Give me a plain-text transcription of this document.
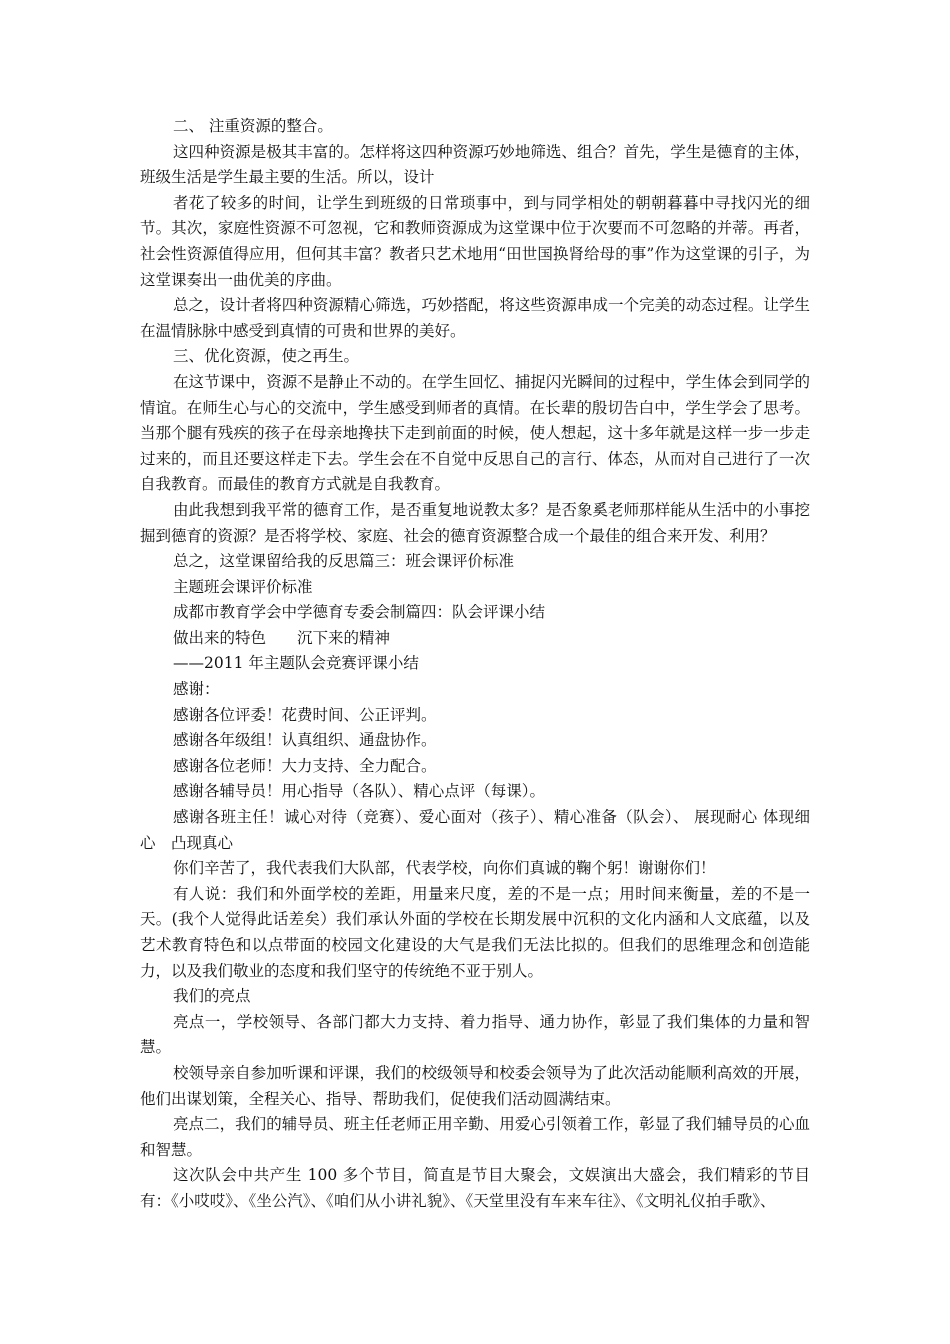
二、 注重资源的整合。

这四种资源是极其丰富的。怎样将这四种资源巧妙地筛选、组合？首先，学生是德育的主体，班级生活是学生最主要的生活。所以，设计

者花了较多的时间，让学生到班级的日常琐事中，到与同学相处的朝朝暮暮中寻找闪光的细节。其次，家庭性资源不可忽视，它和教师资源成为这堂课中位于次要而不可忽略的并蒂。再者，社会性资源值得应用，但何其丰富？教者只艺术地用“田世国换肾给母的事”作为这堂课的引子，为这堂课奏出一曲优美的序曲。

总之，设计者将四种资源精心筛选，巧妙搭配，将这些资源串成一个完美的动态过程。让学生在温情脉脉中感受到真情的可贵和世界的美好。

三、优化资源，使之再生。

在这节课中，资源不是静止不动的。在学生回忆、捕捉闪光瞬间的过程中，学生体会到同学的情谊。在师生心与心的交流中，学生感受到师者的真情。在长辈的殷切告白中，学生学会了思考。当那个腿有残疾的孩子在母亲地搀扶下走到前面的时候，使人想起，这十多年就是这样一步一步走过来的，而且还要这样走下去。学生会在不自觉中反思自己的言行、体态，从而对自己进行了一次自我教育。而最佳的教育方式就是自我教育。

由此我想到我平常的德育工作，是否重复地说教太多？是否象奚老师那样能从生活中的小事挖掘到德育的资源？是否将学校、家庭、社会的德育资源整合成一个最佳的组合来开发、利用？

总之，这堂课留给我的反思篇三：班会课评价标准

主题班会课评价标准

成都市教育学会中学德育专委会制篇四：队会评课小结

做出来的特色　　沉下来的精神

——2011 年主题队会竞赛评课小结

感谢：

感谢各位评委！花费时间、公正评判。

感谢各年级组！认真组织、通盘协作。

感谢各位老师！大力支持、全力配合。

感谢各辅导员！用心指导（各队）、精心点评（每课）。

感谢各班主任！诚心对待（竞赛）、爱心面对（孩子）、精心准备（队会）、 展现耐心 体现细心　凸现真心

你们辛苦了，我代表我们大队部，代表学校，向你们真诚的鞠个躬！谢谢你们！

有人说：我们和外面学校的差距，用量来尺度，差的不是一点；用时间来衡量，差的不是一天。(我个人觉得此话差矣）我们承认外面的学校在长期发展中沉积的文化内涵和人文底蕴，以及艺术教育特色和以点带面的校园文化建设的大气是我们无法比拟的。但我们的思维理念和创造能力，以及我们敬业的态度和我们坚守的传统绝不亚于别人。

我们的亮点

亮点一，学校领导、各部门都大力支持、着力指导、通力协作，彰显了我们集体的力量和智慧。

校领导亲自参加听课和评课，我们的校级领导和校委会领导为了此次活动能顺利高效的开展，他们出谋划策，全程关心、指导、帮助我们，促使我们活动圆满结束。

亮点二，我们的辅导员、班主任老师正用辛勤、用爱心引领着工作，彰显了我们辅导员的心血和智慧。

这次队会中共产生 100 多个节目，简直是节目大聚会，文娱演出大盛会，我们精彩的节目有：《小哎哎》、《坐公汽》、《咱们从小讲礼貌》、《天堂里没有车来车往》、《文明礼仪拍手歌》、
